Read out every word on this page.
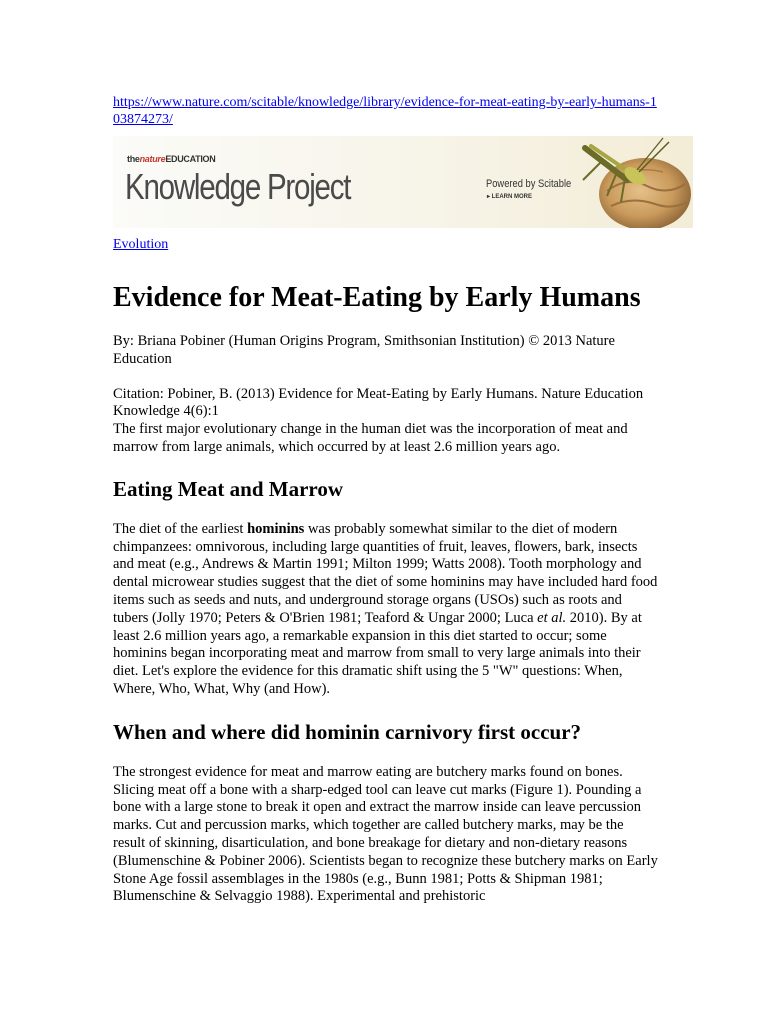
https://www.nature.com/scitable/knowledge/library/evidence-for-meat-eating-by-early-humans-103874273/
thenatureEDUCATION
Knowledge Project	Powered by Scitable
▸ LEARN MORE
Evolution
Evidence for Meat-Eating by Early Humans

By: Briana Pobiner (Human Origins Program, Smithsonian Institution) © 2013 Nature Education

Citation: Pobiner, B. (2013) Evidence for Meat-Eating by Early Humans. Nature Education Knowledge 4(6):1

The first major evolutionary change in the human diet was the incorporation of meat and marrow from large animals, which occurred by at least 2.6 million years ago.

Eating Meat and Marrow

The diet of the earliest hominins was probably somewhat similar to the diet of modern chimpanzees: omnivorous, including large quantities of fruit, leaves, flowers, bark, insects and meat (e.g., Andrews & Martin 1991; Milton 1999; Watts 2008). Tooth morphology and dental microwear studies suggest that the diet of some hominins may have included hard food items such as seeds and nuts, and underground storage organs (USOs) such as roots and tubers (Jolly 1970; Peters & O'Brien 1981; Teaford & Ungar 2000; Luca et al. 2010). By at least 2.6 million years ago, a remarkable expansion in this diet started to occur; some hominins began incorporating meat and marrow from small to very large animals into their diet. Let's explore the evidence for this dramatic shift using the 5 "W" questions: When, Where, Who, What, Why (and How).

When and where did hominin carnivory first occur?

The strongest evidence for meat and marrow eating are butchery marks found on bones. Slicing meat off a bone with a sharp-edged tool can leave cut marks (Figure 1). Pounding a bone with a large stone to break it open and extract the marrow inside can leave percussion marks. Cut and percussion marks, which together are called butchery marks, may be the result of skinning, disarticulation, and bone breakage for dietary and non-dietary reasons (Blumenschine & Pobiner 2006). Scientists began to recognize these butchery marks on Early Stone Age fossil assemblages in the 1980s (e.g., Bunn 1981; Potts & Shipman 1981; Blumenschine & Selvaggio 1988). Experimental and prehistoric
